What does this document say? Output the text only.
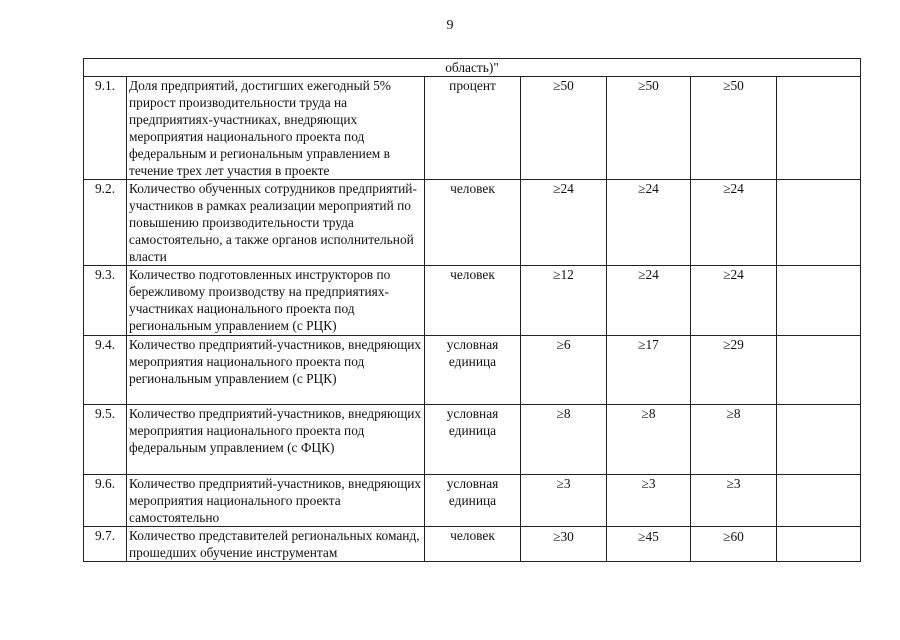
9
область)"						
9.1.	Доля предприятий, достигших ежегодный 5% прирост производительности труда на предприятиях-участниках, внедряющих мероприятия национального проекта под федеральным и региональным управлением в течение трех лет участия в проекте	процент	≥50	≥50	≥50	
9.2.	Количество обученных сотрудников предприятий-участников в рамках реализации мероприятий по повышению производительности труда самостоятельно, а также органов исполнительной власти	человек	≥24	≥24	≥24	
9.3.	Количество подготовленных инструкторов по бережливому производству на предприятиях-участниках национального проекта под региональным управлением (с РЦК)	человек	≥12	≥24	≥24	
9.4.	Количество предприятий-участников, внедряющих мероприятия национального проекта под региональным управлением (с РЦК)	условная единица	≥6	≥17	≥29	
9.5.	Количество предприятий-участников, внедряющих мероприятия национального проекта под федеральным управлением (с ФЦК)	условная единица	≥8	≥8	≥8	
9.6.	Количество предприятий-участников, внедряющих мероприятия национального проекта самостоятельно	условная единица	≥3	≥3	≥3	
9.7.	Количество представителей региональных команд, прошедших обучение инструментам	человек	≥30	≥45	≥60	
